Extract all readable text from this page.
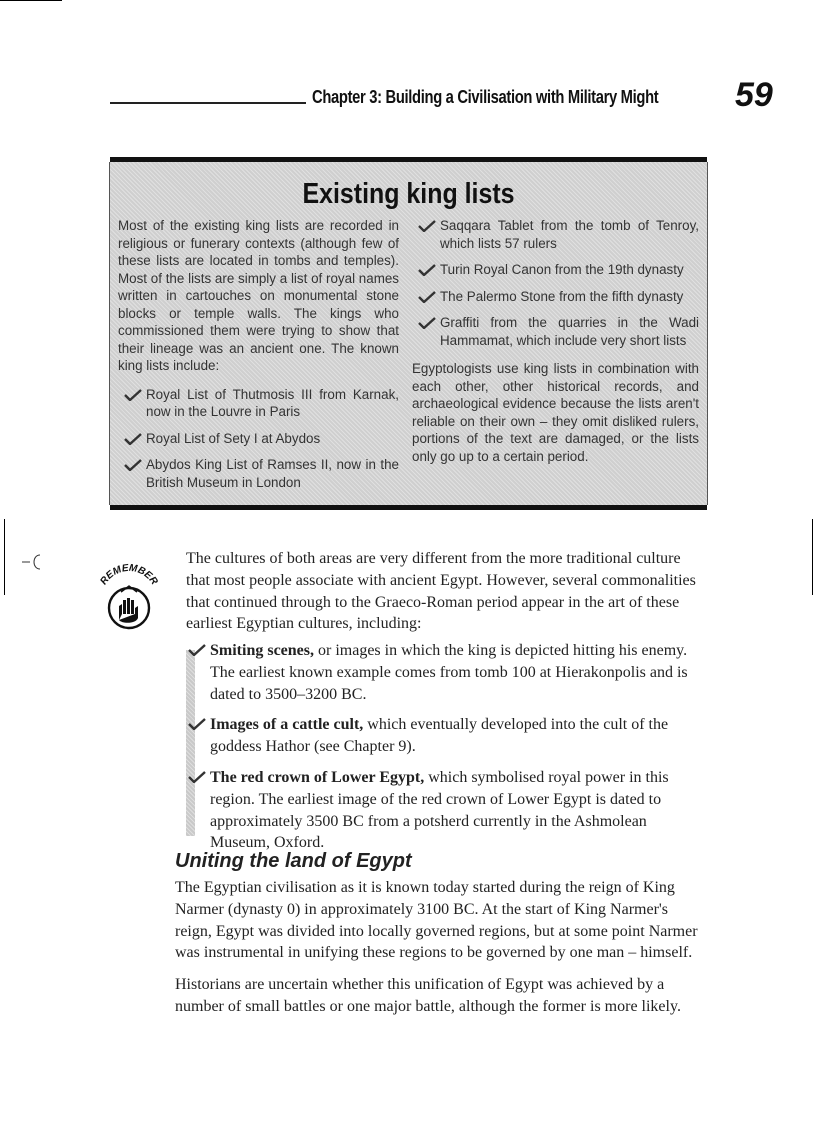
Chapter 3: Building a Civilisation with Military Might 59
Existing king lists

Most of the existing king lists are recorded in religious or funerary contexts (although few of these lists are located in tombs and temples). Most of the lists are simply a list of royal names written in cartouches on monumental stone blocks or temple walls. The kings who commissioned them were trying to show that their lineage was an ancient one. The known king lists include:

Royal List of Thutmosis III from Karnak, now in the Louvre in Paris
Royal List of Sety I at Abydos
Abydos King List of Ramses II, now in the British Museum in London
Saqqara Tablet from the tomb of Tenroy, which lists 57 rulers
Turin Royal Canon from the 19th dynasty
The Palermo Stone from the fifth dynasty
Graffiti from the quarries in the Wadi Hammamat, which include very short lists

Egyptologists use king lists in combination with each other, other historical records, and archaeological evidence because the lists aren't reliable on their own – they omit disliked rulers, portions of the text are damaged, or the lists only go up to a certain period.

REMEMBER

The cultures of both areas are very different from the more traditional culture that most people associate with ancient Egypt. However, several commonalities that continued through to the Graeco-Roman period appear in the art of these earliest Egyptian cultures, including:

Smiting scenes, or images in which the king is depicted hitting his enemy. The earliest known example comes from tomb 100 at Hierakonpolis and is dated to 3500–3200 BC.
Images of a cattle cult, which eventually developed into the cult of the goddess Hathor (see Chapter 9).
The red crown of Lower Egypt, which symbolised royal power in this region. The earliest image of the red crown of Lower Egypt is dated to approximately 3500 BC from a potsherd currently in the Ashmolean Museum, Oxford.
Uniting the land of Egypt

The Egyptian civilisation as it is known today started during the reign of King Narmer (dynasty 0) in approximately 3100 BC. At the start of King Narmer's reign, Egypt was divided into locally governed regions, but at some point Narmer was instrumental in unifying these regions to be governed by one man – himself.

Historians are uncertain whether this unification of Egypt was achieved by a number of small battles or one major battle, although the former is more likely.
